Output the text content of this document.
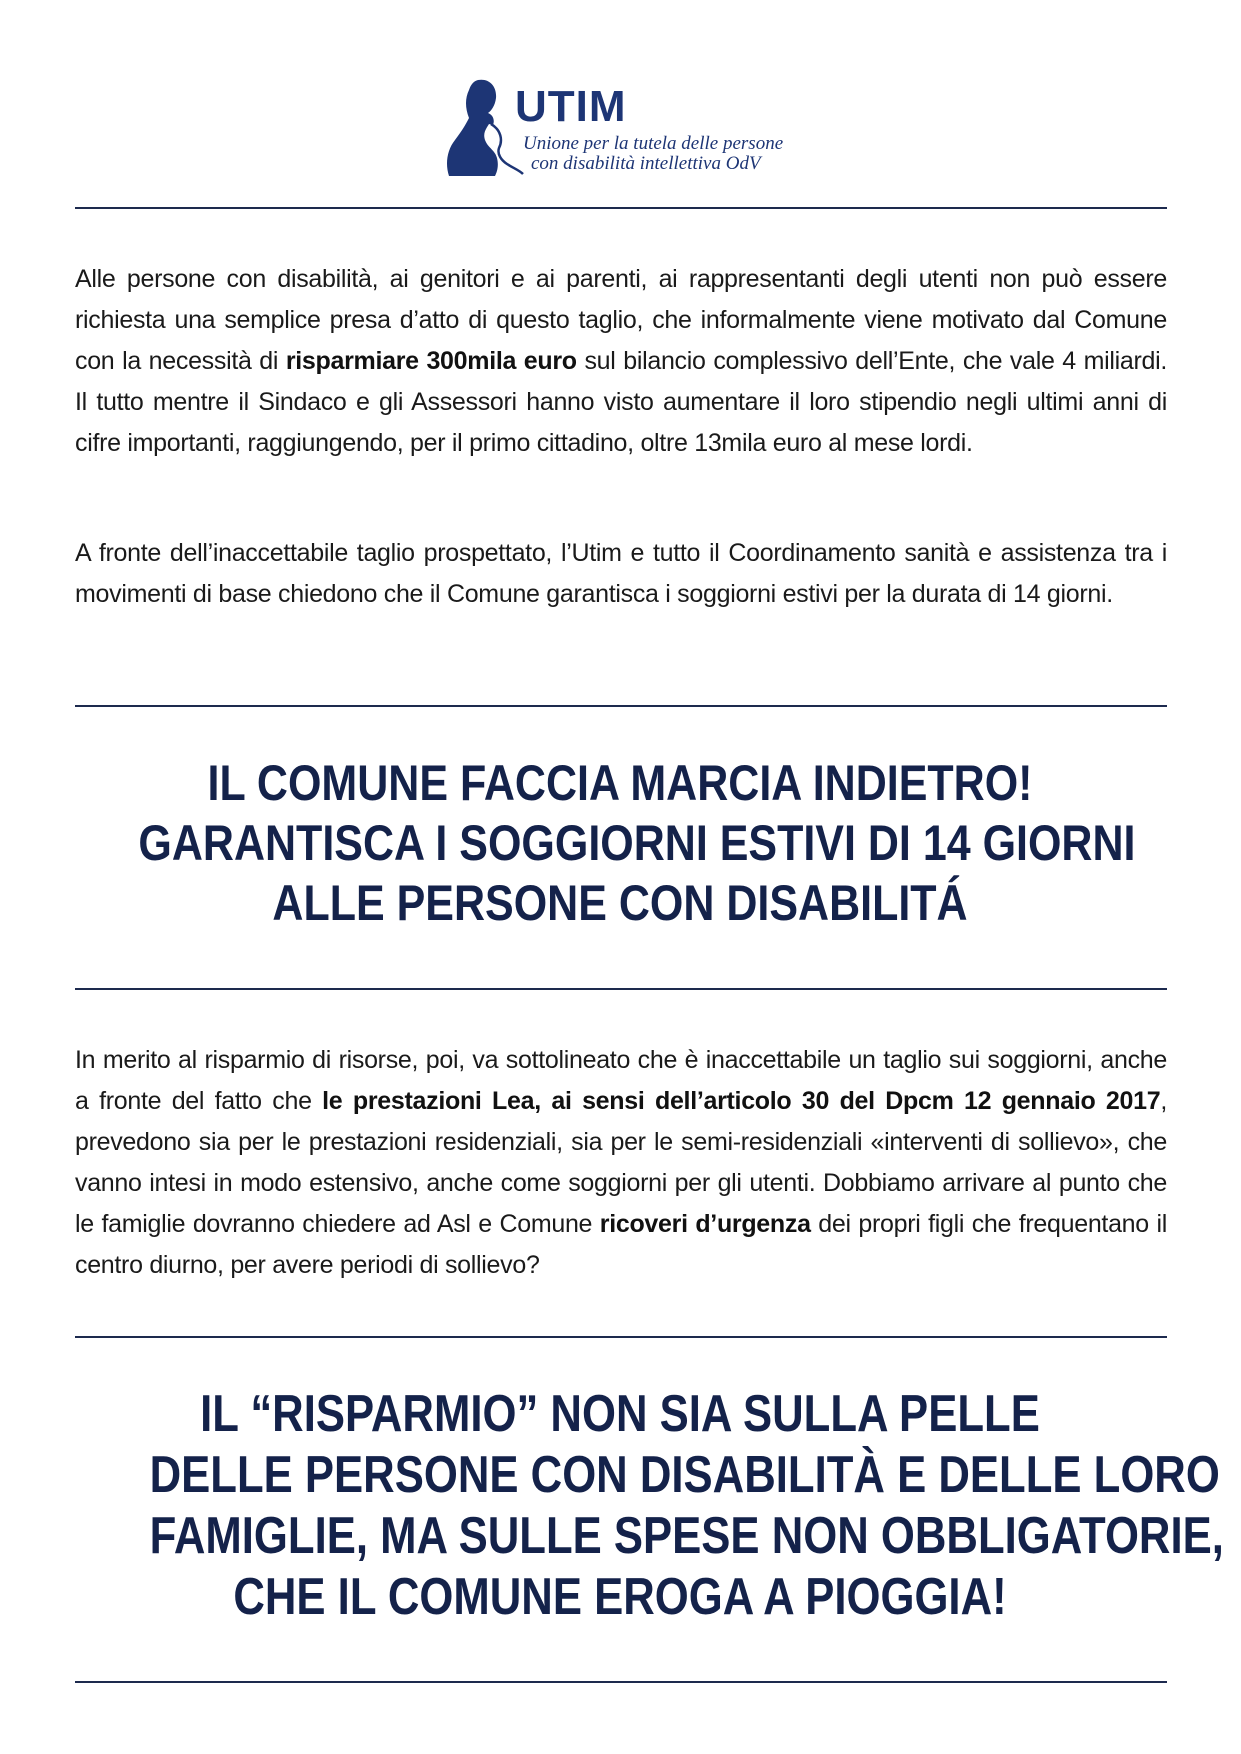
UTIM
Unione per la tutela delle persone
con disabilità intellettiva OdV
Alle persone con disabilità, ai genitori e ai parenti, ai rappresentanti degli utenti non può essere richiesta una semplice presa d’atto di questo taglio, che informalmente viene motivato dal Comune con la necessità di risparmiare 300mila euro sul bilancio complessivo dell’Ente, che vale 4 miliardi. Il tutto mentre il Sindaco e gli Assessori hanno visto aumentare il loro stipendio negli ultimi anni di cifre importanti, raggiungendo, per il primo cittadino, oltre 13mila euro al mese lordi.
A fronte dell’inaccettabile taglio prospettato, l’Utim e tutto il Coordinamento sanità e assistenza tra i movimenti di base chiedono che il Comune garantisca i soggiorni estivi per la durata di 14 giorni.
IL COMUNE FACCIA MARCIA INDIETRO!
GARANTISCA I SOGGIORNI ESTIVI DI 14 GIORNI
ALLE PERSONE CON DISABILITÁ
In merito al risparmio di risorse, poi, va sottolineato che è inaccettabile un taglio sui soggiorni, anche a fronte del fatto che le prestazioni Lea, ai sensi dell’articolo 30 del Dpcm 12 gennaio 2017, prevedono sia per le prestazioni residenziali, sia per le semi-residenziali «interventi di sollievo», che vanno intesi in modo estensivo, anche come soggiorni per gli utenti. Dobbiamo arrivare al punto che le famiglie dovranno chiedere ad Asl e Comune ricoveri d’urgenza dei propri figli che frequentano il centro diurno, per avere periodi di sollievo?
IL “RISPARMIO” NON SIA SULLA PELLE
DELLE PERSONE CON DISABILITÀ E DELLE LORO
FAMIGLIE, MA SULLE SPESE NON OBBLIGATORIE,
CHE IL COMUNE EROGA A PIOGGIA!
